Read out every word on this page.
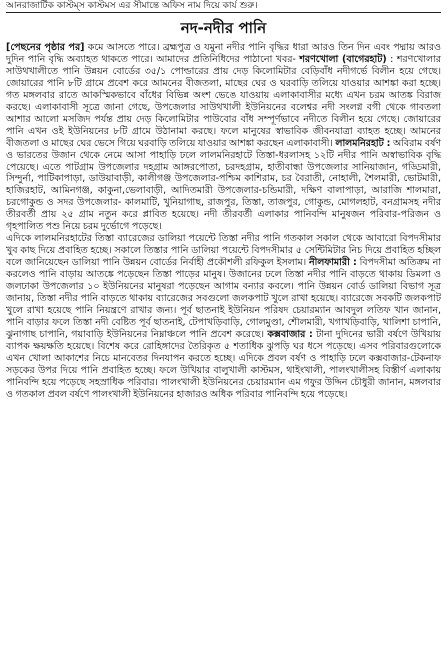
আনরাজার্টিক কাস্টম্স কাস্টমস এর সীমান্তে অফিস নাম দিয়ে কার্য শুরু।
নদ-নদীর পানি
[পেছনের পৃষ্ঠার পর] কমে আসতে পারে। ব্রহ্মপুত্র ও যমুনা নদীর পানি বৃদ্ধির ধারা আরও তিন দিন এবং পদ্মায় আরও দুদিন পানি বৃদ্ধি অব্যাহত থাকতে পারে। আমাদের প্রতিনিধিদের পাঠানো খবর- শরণখোলা (বাগেরহাট) : শরণখোলার সাউথখালীতে পানি উন্নয়ন বোর্ডের ৩৫/১ পোল্ডারের প্রায় দেড় কিলোমিটার বেড়িবাঁধ নদীগর্ভে বিলীন হয়ে গেছে। জোয়ারের পানি ৮টি গ্রামে প্রবেশ করে আমনের বীজতলা, মাছের ঘের ও ঘরবাড়ি তলিয়ে যাওয়ার আশঙ্কা করা হচ্ছে। গত মঙ্গলবার রাতে আকস্মিকভাবে বাঁধের বিভিন্ন অংশ ভেঙে যাওয়ায় এলাকাবাসীর মধ্যে এখন চরম আতঙ্ক বিরাজ করছে। এলাকাবাসী সূত্রে জানা গেছে, উপজেলার সাউথখালী ইউনিয়নের বলেশ্বর নদী সংলগ্ন বগী থেকে গাবতলা আশার আলো মসজিদ পর্যন্ত প্রায় দেড় কিলোমিটার পাউবোর বাঁধ সম্পূর্ণভাবে নদীতে বিলীন হয়ে গেছে। জোয়ারের পানি এখন ওই ইউনিয়নের ৮টি গ্রামে উঠানামা করছে। ফলে মানুষের স্বাভাবিক জীবনযাত্রা ব্যাহত হচ্ছে। আমনের বীজতলা ও মাছের ঘের ভেসে গিয়ে ঘরবাড়ি তলিয়ে যাওয়ার আশঙ্কা করছেন এলাকাবাসী। লালমনিরহাট : অবিরাম বর্ষণ ও ভারতের উজান থেকে নেমে আসা পাহাড়ি ঢলে লালমনিরহাটে তিস্তা-ধরলাসহ ১২টি নদীর পানি অস্বাভাবিক বৃদ্ধি পেয়েছে। এতে পাটগ্রাম উপজেলার দহগ্রাম আঙ্গরপোতা, চরদহগ্রাম, হাতীবান্ধা উপজেলার সানিয়াজান, গড্ডিমারী, সিন্দুর্না, পাটিকাপাড়া, ডাউয়াবাড়ী, কালীগঞ্জ উপজেলার-পশ্চিম কাশিরাম, চর বৈরাতী, নোহালী, শৈলমারী, ভোটমারী, হাজিরহাট, আমিনগঞ্জ, কাকুনা,ভেলাবাড়ী, আদিতমারী উপজেলার-চন্ডিমারী, দক্ষিণ বালাপাড়া, আরাজি শালমারা, চরগোকুন্ড ও সদর উপজেলার- কালমাটি, খুনিয়াগাছ, রাজপুর, তিস্তা, তাজপুর, গোকুন্ড, মোগলহাট, বনগ্রামসহ নদীর তীরবর্তী প্রায় ২৫ গ্রাম নতুন করে প্লাবিত হয়েছে। নদী তীরবর্তী এলাকার পানিবন্দি মানুষজন পরিবার-পরিজন ও গৃহপালিত পশু নিয়ে চরম দুর্ভোগে পড়েছে।
এদিকে লালমনিরহাটের তিস্তা ব্যারেজের ডালিয়া পয়েন্টে তিস্তা নদীর পানি গতকাল সকাল থেকে আবারো বিপদসীমার খুব কাছ দিয়ে প্রবাহিত হচ্ছে। সকালে তিস্তার পানি ডালিয়া পয়েন্টে বিপদসীমার ৫ সেন্টিমিটার নিচ দিয়ে প্রবাহিত হচ্ছিল বলে জানিয়েছেন ডালিয়া পানি উন্নয়ন বোর্ডের নির্বাহী প্রকৌশলী রফিকুল ইসলাম। নীলফামারী : বিপদসীমা অতিক্রম না করলেও পানি বাড়ায় আতঙ্কে পড়েছেন তিস্তা পাড়ের মানুষ। উজানের ঢলে তিস্তা নদীর পানি বাড়তে থাকায় ডিমলা ও জলঢাকা উপজেলার ১০ ইউনিয়নের মানুষরা পড়েছেন আগাম বন্যার কবলে। পানি উন্নয়ন বোর্ড ডালিয়া বিভাগ সূত্র জানায়, তিস্তা নদীর পানি বাড়তে থাকায় ব্যারেজের সবগুলো জলকপাট খুলে রাখা হয়েছে। ব্যারেজে সবকটি জলকপাট খুলে রাখা হয়েছে পানি নিয়ন্ত্রণে রাখার জন্য। পূর্ব ছাতনাই ইউনিয়ন পরিষদ চেয়ারম্যান আবদুল লতিফ খান জানান, পানি বাড়ার ফলে তিস্তা নদী বেষ্টিত পূর্ব ছাতনাই, টেপাখড়িবাড়ি, গোলমুণ্ডা, শৌলমারী, খগাখড়িবাড়ি, খালিশা চাপানি, ঝুনাগাছ চাপানি, গয়াবাড়ি ইউনিয়নের নিম্নাঞ্চলে পানি প্রবেশ করেছে। কক্সবাজার : টানা দুদিনের ভারী বর্ষণে উখিয়ায় ব্যাপক ক্ষয়ক্ষতি হয়েছে। বিশেষ করে রোহিঙ্গাদের তৈরিকৃত ৫ শতাধিক ঝুপড়ি ঘর ধসে পড়েছে। এসব পরিবারগুলোকে এখন খোলা আকাশের নিচে মানবেতর দিনযাপন করতে হচ্ছে। এদিকে প্রবল বর্ষণ ও পাহাড়ি ঢলে কক্সবাজার-টেকনাফ সড়কের উপর দিয়ে পানি প্রবাহিত হচ্ছে। ফলে উখিয়ার বালুখালী কাস্টমস, থাইংখালী, পালংখালীসহ বিস্তীর্ণ এলাকায় পানিবন্দি হয়ে পড়েছে সহস্রাধিক পরিবার। পালংখালী ইউনিয়নের চেয়ারম্যান এম গফুর উদ্দিন চৌধুরী জানান, মঙ্গলবার ও গতকাল প্রবল বর্ষণে পালংখালী ইউনিয়নের হাজারও অধিক পরিবার পানিবন্দি হয়ে পড়েছে।
